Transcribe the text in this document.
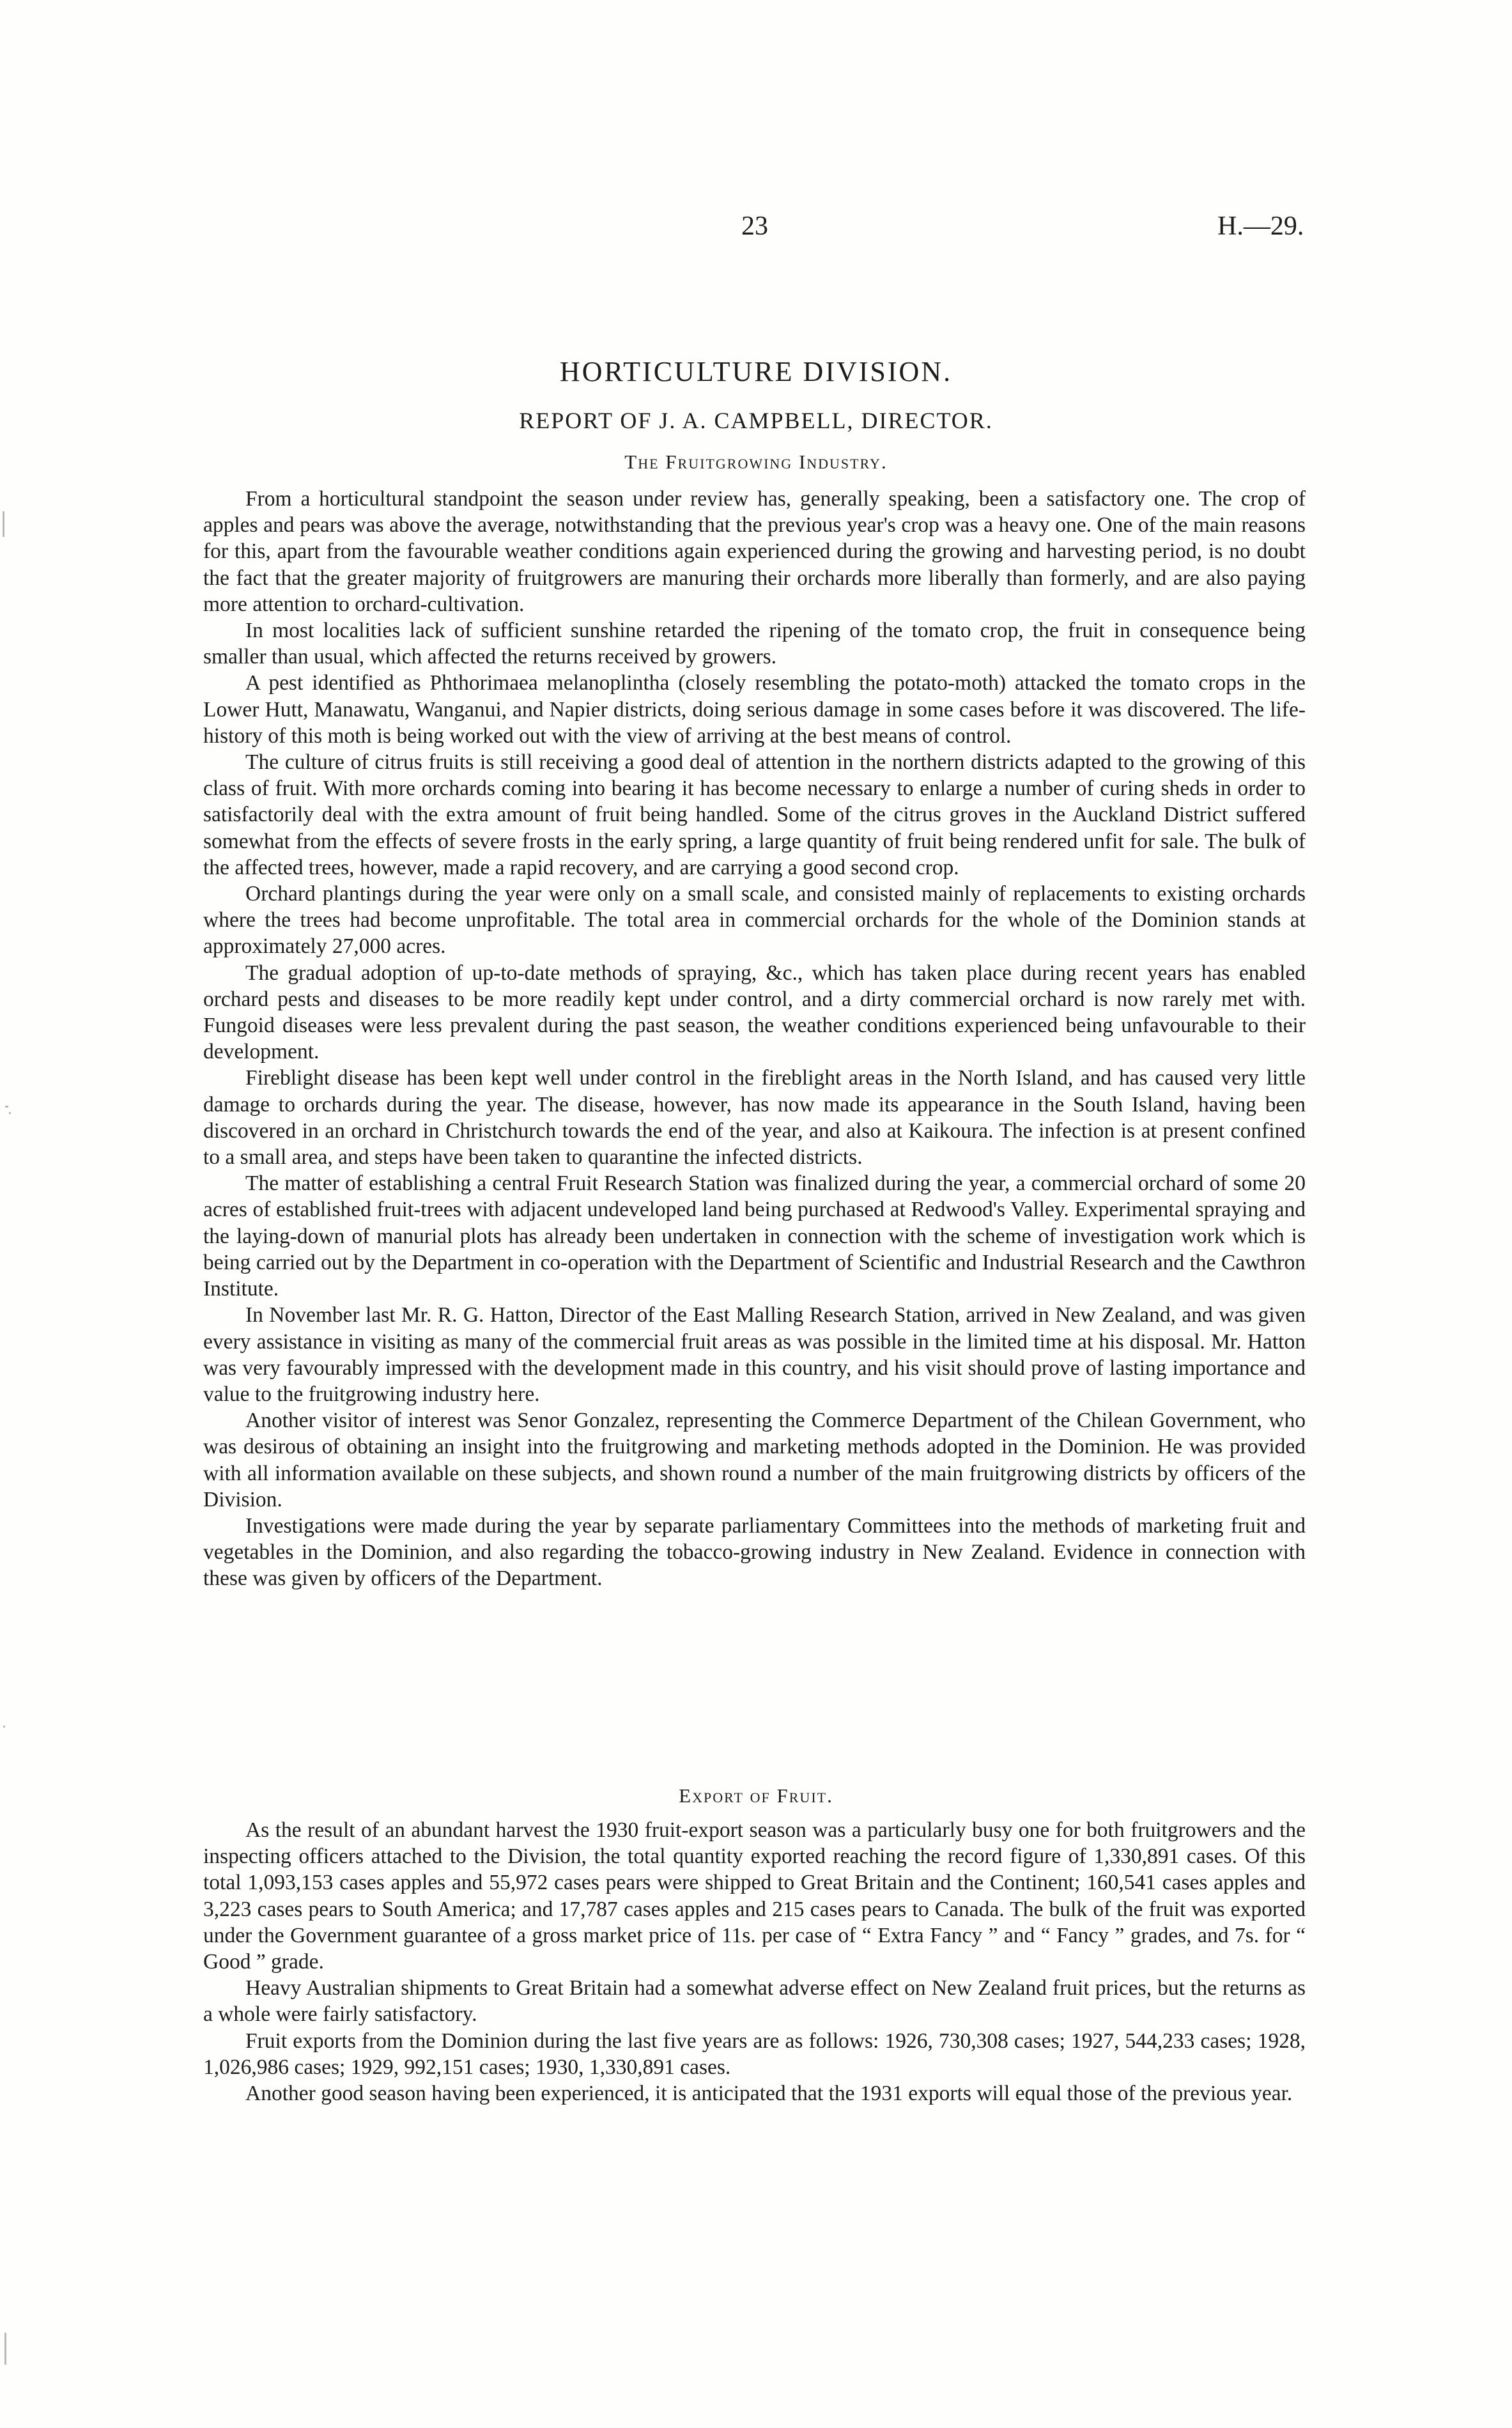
23	H.—29.
HORTICULTURE DIVISION.
REPORT OF J. A. CAMPBELL, DIRECTOR.
The Fruitgrowing Industry.

From a horticultural standpoint the season under review has, generally speaking, been a satisfactory one. The crop of apples and pears was above the average, notwithstanding that the previous year's crop was a heavy one. One of the main reasons for this, apart from the favourable weather conditions again experienced during the growing and harvesting period, is no doubt the fact that the greater majority of fruitgrowers are manuring their orchards more liberally than formerly, and are also paying more attention to orchard-cultivation.

In most localities lack of sufficient sunshine retarded the ripening of the tomato crop, the fruit in consequence being smaller than usual, which affected the returns received by growers.

A pest identified as Phthorimaea melanoplintha (closely resembling the potato-moth) attacked the tomato crops in the Lower Hutt, Manawatu, Wanganui, and Napier districts, doing serious damage in some cases before it was discovered. The life-history of this moth is being worked out with the view of arriving at the best means of control.

The culture of citrus fruits is still receiving a good deal of attention in the northern districts adapted to the growing of this class of fruit. With more orchards coming into bearing it has become necessary to enlarge a number of curing sheds in order to satisfactorily deal with the extra amount of fruit being handled. Some of the citrus groves in the Auckland District suffered somewhat from the effects of severe frosts in the early spring, a large quantity of fruit being rendered unfit for sale. The bulk of the affected trees, however, made a rapid recovery, and are carrying a good second crop.

Orchard plantings during the year were only on a small scale, and consisted mainly of replacements to existing orchards where the trees had become unprofitable. The total area in commercial orchards for the whole of the Dominion stands at approximately 27,000 acres.

The gradual adoption of up-to-date methods of spraying, &c., which has taken place during recent years has enabled orchard pests and diseases to be more readily kept under control, and a dirty commercial orchard is now rarely met with. Fungoid diseases were less prevalent during the past season, the weather conditions experienced being unfavourable to their development.

Fireblight disease has been kept well under control in the fireblight areas in the North Island, and has caused very little damage to orchards during the year. The disease, however, has now made its appearance in the South Island, having been discovered in an orchard in Christchurch towards the end of the year, and also at Kaikoura. The infection is at present confined to a small area, and steps have been taken to quarantine the infected districts.

The matter of establishing a central Fruit Research Station was finalized during the year, a commercial orchard of some 20 acres of established fruit-trees with adjacent undeveloped land being purchased at Redwood's Valley. Experimental spraying and the laying-down of manurial plots has already been undertaken in connection with the scheme of investigation work which is being carried out by the Department in co-operation with the Department of Scientific and Industrial Research and the Cawthron Institute.

In November last Mr. R. G. Hatton, Director of the East Malling Research Station, arrived in New Zealand, and was given every assistance in visiting as many of the commercial fruit areas as was possible in the limited time at his disposal. Mr. Hatton was very favourably impressed with the development made in this country, and his visit should prove of lasting importance and value to the fruitgrowing industry here.

Another visitor of interest was Senor Gonzalez, representing the Commerce Department of the Chilean Government, who was desirous of obtaining an insight into the fruitgrowing and marketing methods adopted in the Dominion. He was provided with all information available on these subjects, and shown round a number of the main fruitgrowing districts by officers of the Division.

Investigations were made during the year by separate parliamentary Committees into the methods of marketing fruit and vegetables in the Dominion, and also regarding the tobacco-growing industry in New Zealand. Evidence in connection with these was given by officers of the Department.

Export of Fruit.

As the result of an abundant harvest the 1930 fruit-export season was a particularly busy one for both fruitgrowers and the inspecting officers attached to the Division, the total quantity exported reaching the record figure of 1,330,891 cases. Of this total 1,093,153 cases apples and 55,972 cases pears were shipped to Great Britain and the Continent; 160,541 cases apples and 3,223 cases pears to South America; and 17,787 cases apples and 215 cases pears to Canada. The bulk of the fruit was exported under the Government guarantee of a gross market price of 11s. per case of “ Extra Fancy ” and “ Fancy ” grades, and 7s. for “ Good ” grade.

Heavy Australian shipments to Great Britain had a somewhat adverse effect on New Zealand fruit prices, but the returns as a whole were fairly satisfactory.

Fruit exports from the Dominion during the last five years are as follows: 1926, 730,308 cases; 1927, 544,233 cases; 1928, 1,026,986 cases; 1929, 992,151 cases; 1930, 1,330,891 cases.

Another good season having been experienced, it is anticipated that the 1931 exports will equal those of the previous year.
